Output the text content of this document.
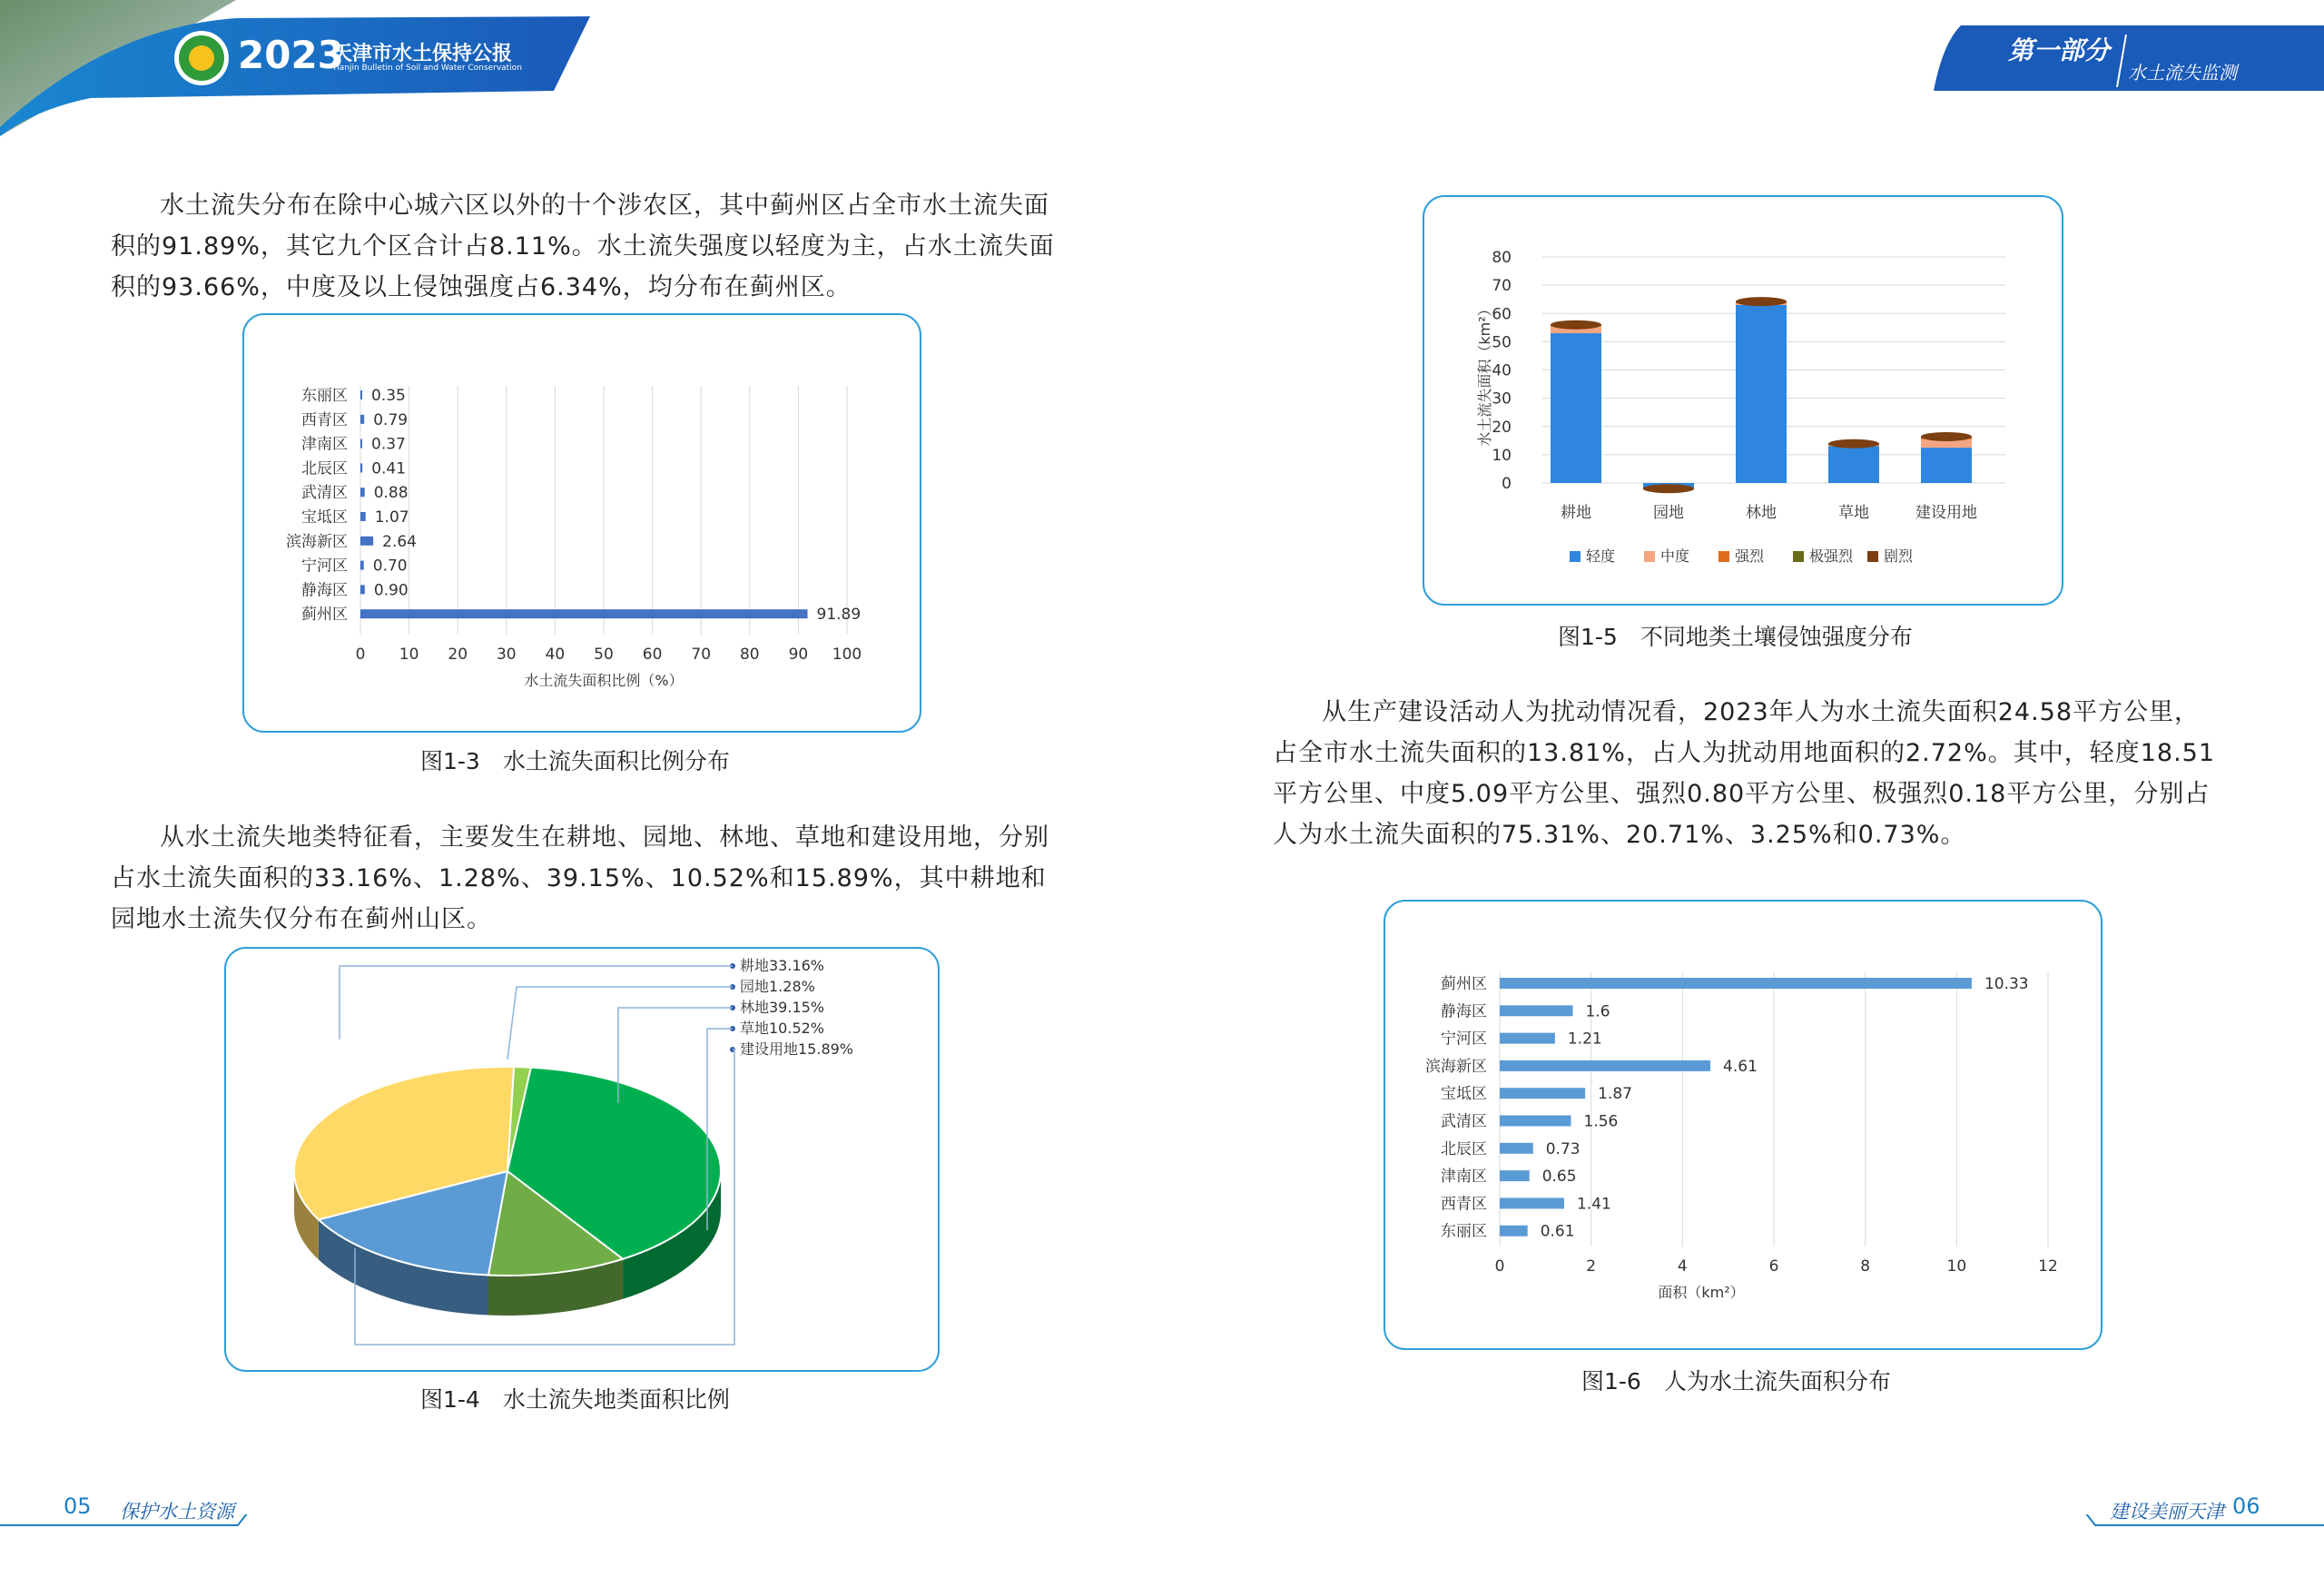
2023
天津市水土保持公报
Tianjin Bulletin of Soil and Water Conservation
第一部分
水土流失监测

水土流失分布在除中心城六区以外的十个涉农区，其中蓟州区占全市水土流失面积的91.89%，其它九个区合计占8.11%。水土流失强度以轻度为主，占水土流失面积的93.66%，中度及以上侵蚀强度占6.34%，均分布在蓟州区。

0 10 20 30 40 50 60 70 80 90 100
东丽区 0.35
西青区 0.79
津南区 0.37
北辰区 0.41
武清区 0.88
宝坻区 1.07
滨海新区 2.64
宁河区 0.70
静海区 0.90
蓟州区	91.89
水土流失面积比例（%）
图1-3　水土流失面积比例分布

从水土流失地类特征看，主要发生在耕地、园地、林地、草地和建设用地，分别占水土流失面积的33.16%、1.28%、39.15%、10.52%和15.89%，其中耕地和园地水土流失仅分布在蓟州山区。

耕地33.16%
园地1.28%
林地39.15%
草地10.52%
建设用地15.89%
图1-4　水土流失地类面积比例
0
10
20
30
40
50
60
70
80
水土流失面积（km²）
耕地	园地	林地	草地	建设用地
轻度	中度	强烈	极强烈 剧烈
图1-5　不同地类土壤侵蚀强度分布

从生产建设活动人为扰动情况看，2023年人为水土流失面积24.58平方公里，占全市水土流失面积的13.81%，占人为扰动用地面积的2.72%。其中，轻度18.51平方公里、中度5.09平方公里、强烈0.80平方公里、极强烈0.18平方公里，分别占人为水土流失面积的75.31%、20.71%、3.25%和0.73%。

0	2	4	6	8	10	12
蓟州区	10.33
静海区	1.6
宁河区	1.21
滨海新区	4.61
宝坻区	1.87
武清区	1.56
北辰区	0.73
津南区	0.65
西青区	1.41
东丽区	0.61
面积（km²）
图1-6　人为水土流失面积分布
05 保护水土资源	建设美丽天津 06
